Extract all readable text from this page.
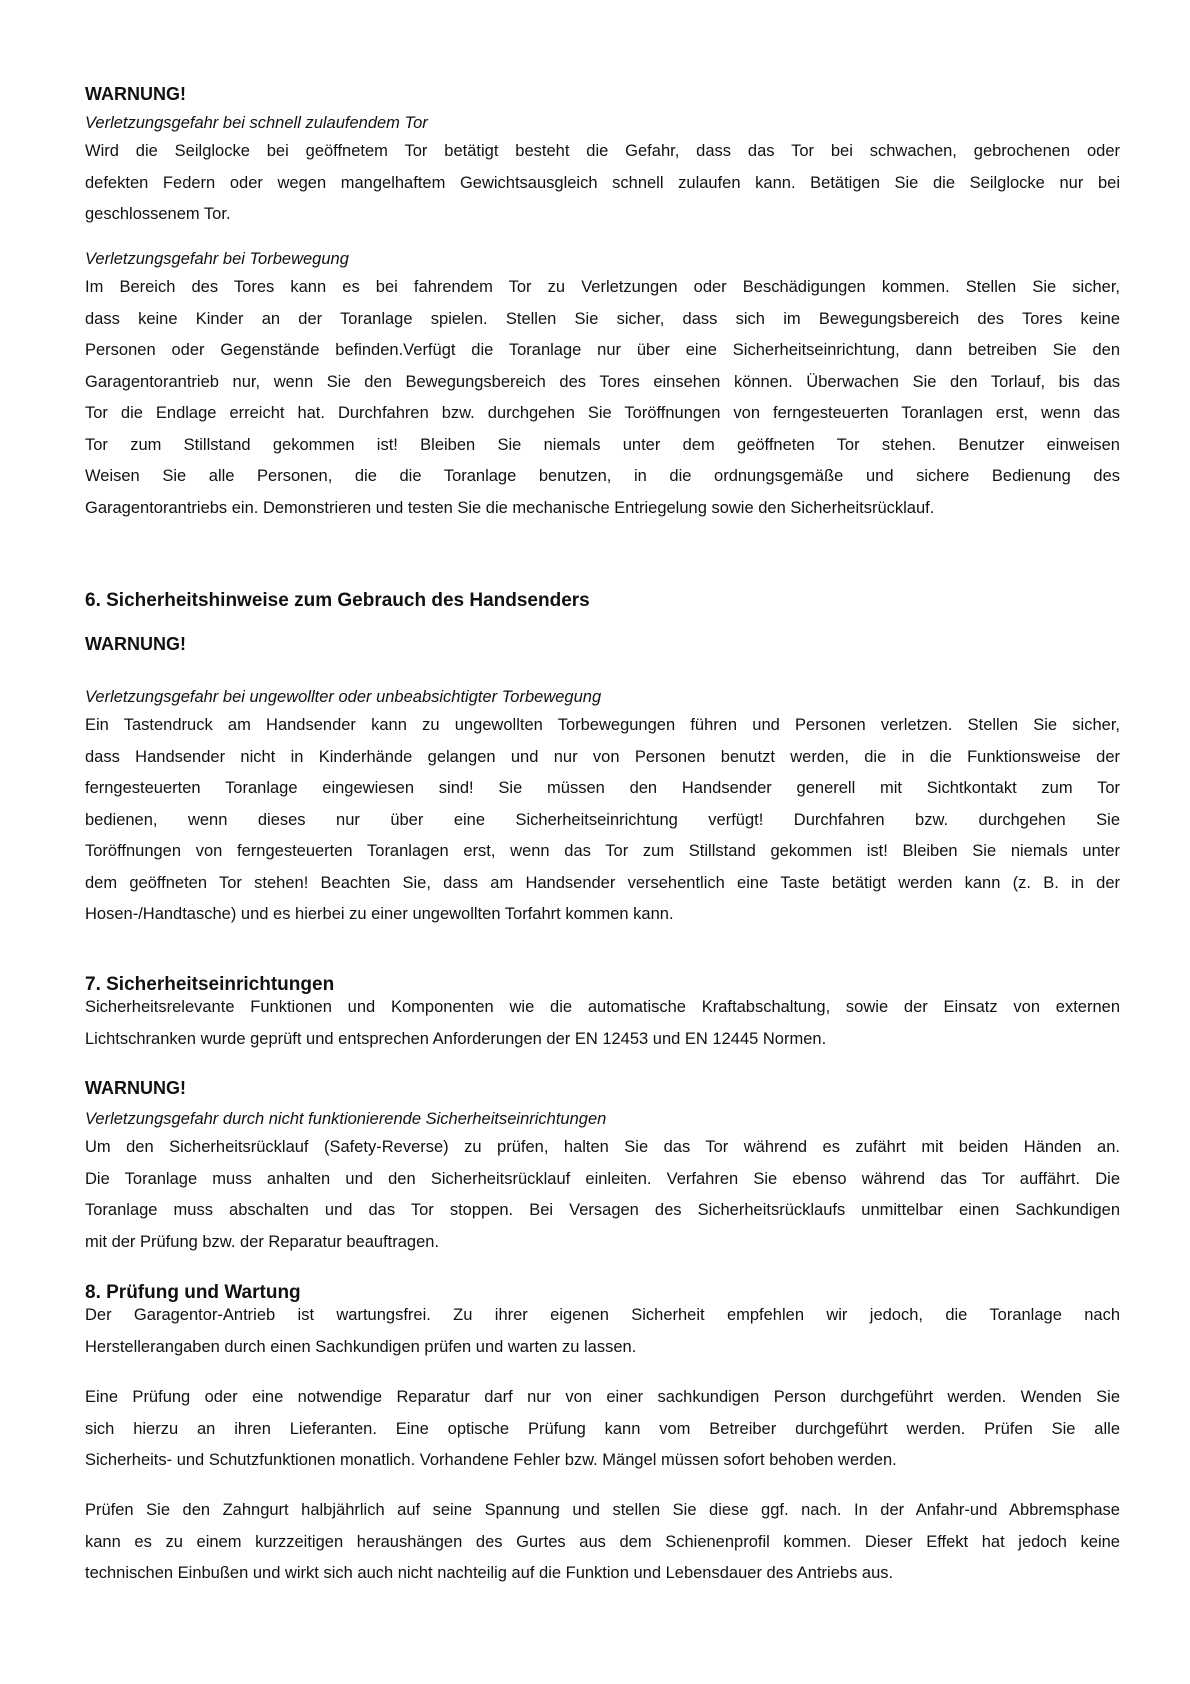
WARNUNG!
Verletzungsgefahr bei schnell zulaufendem Tor
Wird die Seilglocke bei geöffnetem Tor betätigt besteht die Gefahr, dass das Tor bei schwachen, gebrochenen oder
defekten Federn oder wegen mangelhaftem Gewichtsausgleich schnell zulaufen kann. Betätigen Sie die Seilglocke nur bei
geschlossenem Tor.
Verletzungsgefahr bei Torbewegung
Im Bereich des Tores kann es bei fahrendem Tor zu Verletzungen oder Beschädigungen kommen. Stellen Sie sicher,
dass keine Kinder an der Toranlage spielen. Stellen Sie sicher, dass sich im Bewegungsbereich des Tores keine
Personen oder Gegenstände befinden.Verfügt die Toranlage nur über eine Sicherheitseinrichtung, dann betreiben Sie den
Garagentorantrieb nur, wenn Sie den Bewegungsbereich des Tores einsehen können. Überwachen Sie den Torlauf, bis das
Tor die Endlage erreicht hat. Durchfahren bzw. durchgehen Sie Toröffnungen von ferngesteuerten Toranlagen erst, wenn das
Tor zum Stillstand gekommen ist! Bleiben Sie niemals unter dem geöffneten Tor stehen. Benutzer einweisen
Weisen Sie alle Personen, die die Toranlage benutzen, in die ordnungsgemäße und sichere Bedienung des
Garagentorantriebs ein. Demonstrieren und testen Sie die mechanische Entriegelung sowie den Sicherheitsrücklauf.
6. Sicherheitshinweise zum Gebrauch des Handsenders
WARNUNG!
Verletzungsgefahr bei ungewollter oder unbeabsichtigter Torbewegung
Ein Tastendruck am Handsender kann zu ungewollten Torbewegungen führen und Personen verletzen. Stellen Sie sicher,
dass Handsender nicht in Kinderhände gelangen und nur von Personen benutzt werden, die in die Funktionsweise der
ferngesteuerten Toranlage eingewiesen sind! Sie müssen den Handsender generell mit Sichtkontakt zum Tor
bedienen, wenn dieses nur über eine Sicherheitseinrichtung verfügt! Durchfahren bzw. durchgehen Sie
Toröffnungen von ferngesteuerten Toranlagen erst, wenn das Tor zum Stillstand gekommen ist! Bleiben Sie niemals unter
dem geöffneten Tor stehen! Beachten Sie, dass am Handsender versehentlich eine Taste betätigt werden kann (z. B. in der
Hosen-/Handtasche) und es hierbei zu einer ungewollten Torfahrt kommen kann.
7. Sicherheitseinrichtungen
Sicherheitsrelevante Funktionen und Komponenten wie die automatische Kraftabschaltung, sowie der Einsatz von externen
Lichtschranken wurde geprüft und entsprechen Anforderungen der EN 12453 und EN 12445 Normen.
WARNUNG!
Verletzungsgefahr durch nicht funktionierende Sicherheitseinrichtungen
Um den Sicherheitsrücklauf (Safety-Reverse) zu prüfen, halten Sie das Tor während es zufährt mit beiden Händen an.
Die Toranlage muss anhalten und den Sicherheitsrücklauf einleiten. Verfahren Sie ebenso während das Tor auffährt. Die
Toranlage muss abschalten und das Tor stoppen. Bei Versagen des Sicherheitsrücklaufs unmittelbar einen Sachkundigen
mit der Prüfung bzw. der Reparatur beauftragen.
8. Prüfung und Wartung
Der Garagentor-Antrieb ist wartungsfrei. Zu ihrer eigenen Sicherheit empfehlen wir jedoch, die Toranlage nach
Herstellerangaben durch einen Sachkundigen prüfen und warten zu lassen.
Eine Prüfung oder eine notwendige Reparatur darf nur von einer sachkundigen Person durchgeführt werden. Wenden Sie
sich hierzu an ihren Lieferanten. Eine optische Prüfung kann vom Betreiber durchgeführt werden. Prüfen Sie alle
Sicherheits- und Schutzfunktionen monatlich. Vorhandene Fehler bzw. Mängel müssen sofort behoben werden.
Prüfen Sie den Zahngurt halbjährlich auf seine Spannung und stellen Sie diese ggf. nach. In der Anfahr-und Abbremsphase
kann es zu einem kurzzeitigen heraushängen des Gurtes aus dem Schienenprofil kommen. Dieser Effekt hat jedoch keine
technischen Einbußen und wirkt sich auch nicht nachteilig auf die Funktion und Lebensdauer des Antriebs aus.
